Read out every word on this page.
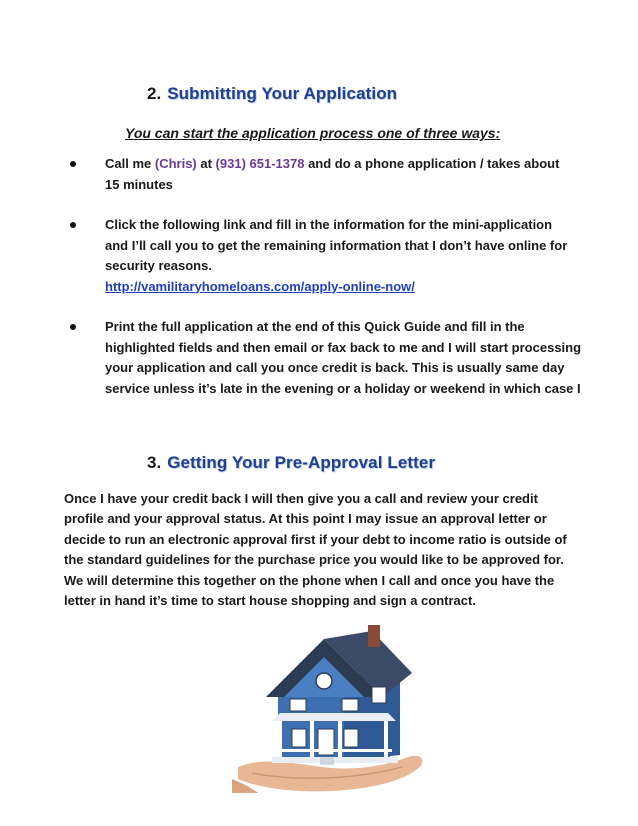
2. Submitting Your Application
You can start the application process one of three ways:
Call me (Chris) at (931) 651-1378 and do a phone application / takes about
15 minutes
Click the following link and fill in the information for the mini-application
and I’ll call you to get the remaining information that I don’t have online for
security reasons.
http://vamilitaryhomeloans.com/apply-online-now/
Print the full application at the end of this Quick Guide and fill in the
highlighted fields and then email or fax back to me and I will start processing
your application and call you once credit is back. This is usually same day
service unless it’s late in the evening or a holiday or weekend in which case I
3. Getting Your Pre-Approval Letter
Once I have your credit back I will then give you a call and review your credit
profile and your approval status. At this point I may issue an approval letter or
decide to run an electronic approval first if your debt to income ratio is outside of
the standard guidelines for the purchase price you would like to be approved for.
We will determine this together on the phone when I call and once you have the
letter in hand it’s time to start house shopping and sign a contract.
